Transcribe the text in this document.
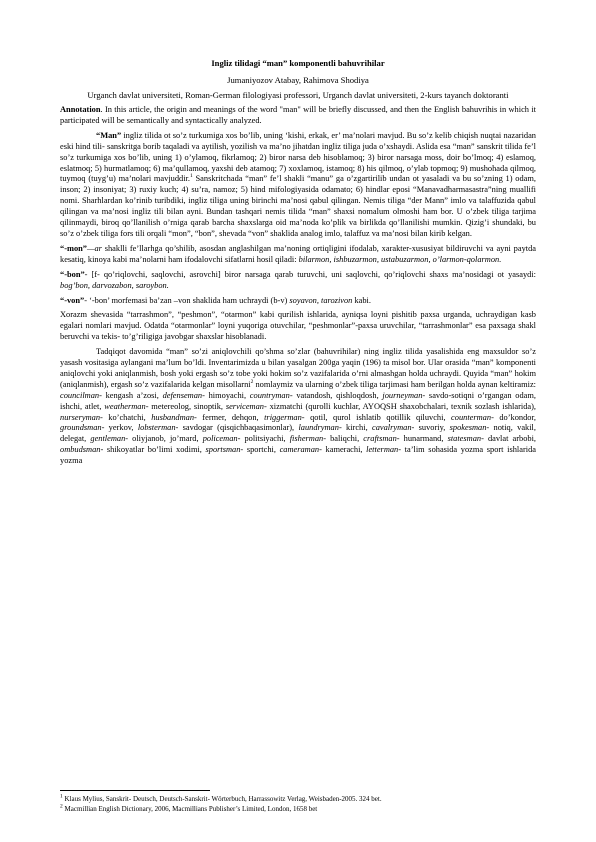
Ingliz tilidagi “man” komponentli bahuvrihilar
Jumaniyozov Atabay, Rahimova Shodiya
Urganch davlat universiteti, Roman-German filologiyasi professori, Urganch davlat universiteti, 2-kurs tayanch doktoranti

Annotation. In this article, the origin and meanings of the word "man" will be briefly discussed, and then the English bahuvrihis in which it participated will be semantically and syntactically analyzed.

“Man” ingliz tilida ot so’z turkumiga xos bo’lib, uning ‘kishi, erkak, er’ ma’nolari mavjud. Bu so’z kelib chiqish nuqtai nazaridan eski hind tili- sanskritga borib taqaladi va aytilish, yozilish va ma’no jihatdan ingliz tiliga juda o’xshaydi. Aslida esa “man” sanskrit tilida fe’l so’z turkumiga xos bo’lib, uning 1) o’ylamoq, fikrlamoq; 2) biror narsa deb hisoblamoq; 3) biror narsaga moss, doir bo’lmoq; 4) eslamoq, eslatmoq; 5) hurmatlamoq; 6) ma’qullamoq, yaxshi deb atamoq; 7) xoxlamoq, istamoq; 8) his qilmoq, o’ylab topmoq; 9) mushohada qilmoq, tuymoq (tuyg’u) ma’nolari mavjuddir.$^1$ Sanskritchada “man” fe’l shakli “manu” ga o’zgartirilib undan ot yasaladi va bu so’zning 1) odam, inson; 2) insoniyat; 3) ruxiy kuch; 4) su’ra, namoz; 5) hind mifologiyasida odamato; 6) hindlar eposi “Manavadharmasastra”ning muallifi nomi. Sharhlardan ko’rinib turibdiki, ingliz tiliga uning birinchi ma’nosi qabul qilingan. Nemis tiliga “der Mann” imlo va talaffuzida qabul qilingan va ma’nosi ingliz tili bilan ayni. Bundan tashqari nemis tilida “man” shaxsi nomalum olmoshi ham bor. U o’zbek tiliga tarjima qilinmaydi, biroq qo’llanilish o’rniga qarab barcha shaxslarga oid ma’noda ko’plik va birlikda qo’llanilishi mumkin. Qizig’i shundaki, bu so’z o’zbek tiliga fors tili orqali “mon”, “bon”, shevada “von” shaklida analog imlo, talaffuz va ma’nosi bilan kirib kelgan.

“-mon”—ar shaklli fe’llarhga qo’shilib, asosdan anglashilgan ma’noning ortiqligini ifodalab, xarakter-xususiyat bildiruvchi va ayni paytda kesatiq, kinoya kabi ma’nolarni ham ifodalovchi sifatlarni hosil qiladi: bilarmon, ishbuzarmon, ustabuzarmon, o’larmon-qolarmon.

“-bon”- [f- qo’riqlovchi, saqlovchi, asrovchi] biror narsaga qarab turuvchi, uni saqlovchi, qo’riqlovchi shaxs ma’nosidagi ot yasaydi: bog’bon, darvozabon, saroybon.

“-von”- ‘-bon’ morfemasi ba’zan –von shaklida ham uchraydi (b-v) soyavon, tarozivon kabi.

Xorazm shevasida “tarrashmon”, “peshmon”, “otarmon” kabi qurilish ishlarida, ayniqsa loyni pishitib paxsa urganda, uchraydigan kasb egalari nomlari mavjud. Odatda “otarmonlar” loyni yuqoriga otuvchilar, “peshmonlar”-paxsa uruvchilar, “tarrashmonlar” esa paxsaga shakl beruvchi va tekis- to’g’riligiga javobgar shaxslar hisoblanadi.

Tadqiqot davomida “man” so’zi aniqlovchili qo’shma so’zlar (bahuvrihilar) ning ingliz tilida yasalishida eng maxsuldor so’z yasash vositasiga aylangani ma’lum bo’ldi. Inventarimizda u bilan yasalgan 200ga yaqin (196) ta misol bor. Ular orasida “man” komponenti aniqlovchi yoki aniqlanmish, bosh yoki ergash so’z tobe yoki hokim so’z vazifalarida o’rni almashgan holda uchraydi. Quyida “man” hokim (aniqlanmish), ergash so’z vazifalarida kelgan misollarni$^2$ nomlaymiz va ularning o’zbek tiliga tarjimasi ham berilgan holda aynan keltiramiz: councilman- kengash a’zosi, defenseman- himoyachi, countryman- vatandosh, qishloqdosh, journeyman- savdo-sotiqni o’rgangan odam, ishchi, atlet, weatherman- metereolog, sinoptik, serviceman- xizmatchi (qurolli kuchlar, AYOQSH shaxobchalari, texnik sozlash ishlarida), nurseryman- ko’chatchi, husbandman- fermer, dehqon, triggerman- qotil, qurol ishlatib qotillik qiluvchi, counterman- do’kondor, groundsman- yerkov, lobsterman- savdogar (qisqichbaqasimonlar), laundryman- kirchi, cavalryman- suvoriy, spokesman- notiq, vakil, delegat, gentleman- oliyjanob, jo’mard, policeman- politsiyachi, fisherman- baliqchi, craftsman- hunarmand, statesman- davlat arbobi, ombudsman- shikoyatlar bo’limi xodimi, sportsman- sportchi, cameraman- kamerachi, letterman- ta’lim sohasida yozma sport ishlarida yozma

$^1$ Klaus Mylius, Sanskrit- Deutsch, Deutsch-Sanskrit- Wörterbuch, Harrassowitz Verlag, Weisbaden-2005. 324 bet.
$^2$ Macmillian English Dictionary, 2006, Macmillians Publisher’s Limited, London, 1658 bet
